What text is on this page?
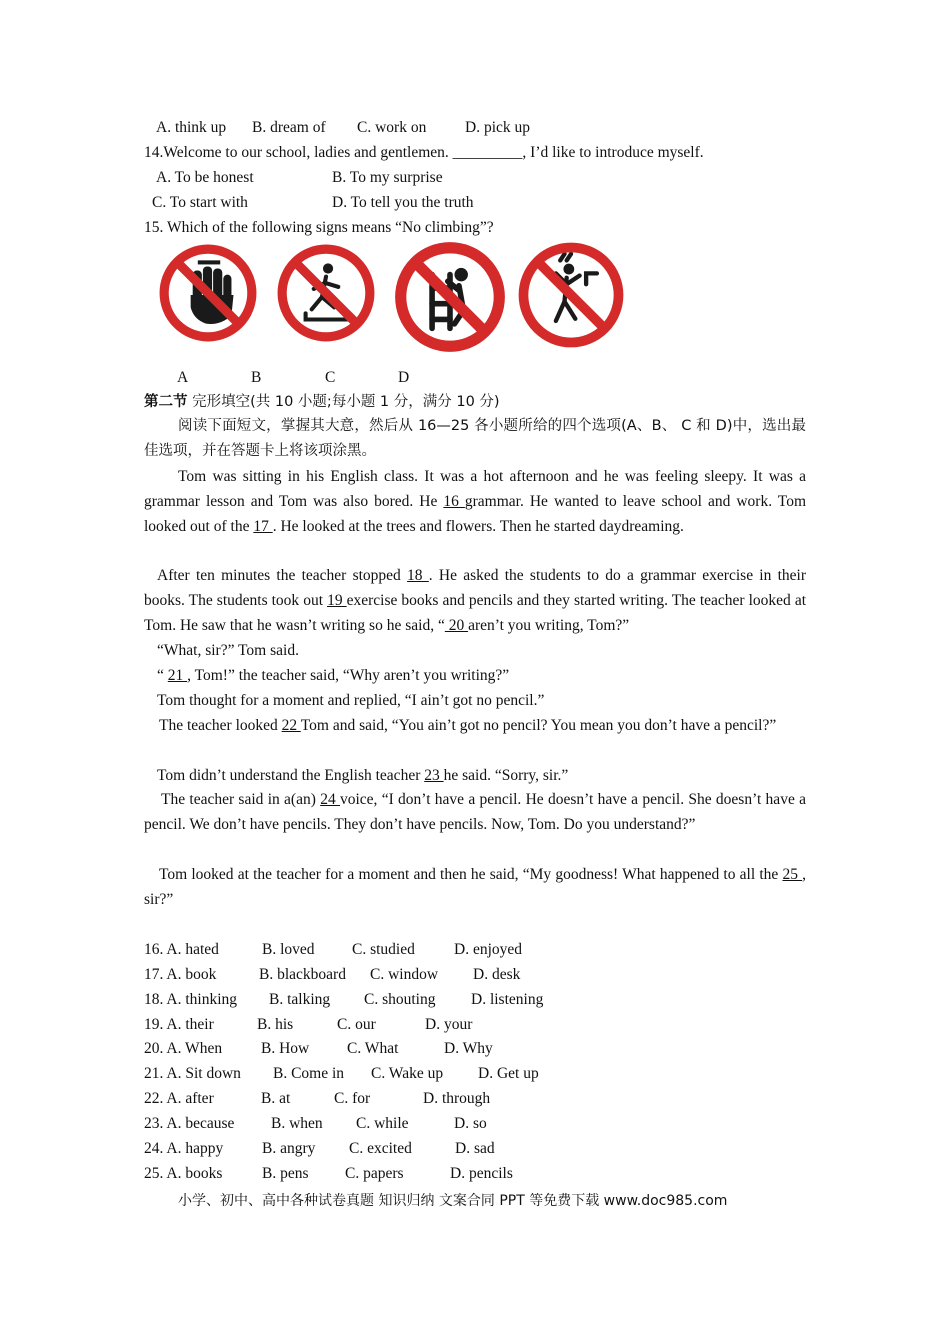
A. think up B. dream of C. work on D. pick up
14.Welcome to our school, ladies and gentlemen. _________, I’d like to introduce myself.
A. To be honest	B. To my surprise
C. To start with	D. To tell you the truth
15. Which of the following signs means “No climbing”?
A	B	C	D
第二节 完形填空(共 10 小题;每小题 1 分，满分 10 分)
阅读下面短文，掌握其大意，然后从 16—25 各小题所给的四个选项(A、B、 C 和 D)中，选出最佳选项，并在答题卡上将该项涂黑。
Tom was sitting in his English class. It was a hot afternoon and he was feeling sleepy. It was a grammar lesson and Tom was also bored. He 16 grammar. He wanted to leave school and work. Tom looked out of the 17 . He looked at the trees and flowers. Then he started daydreaming.
After ten minutes the teacher stopped 18 . He asked the students to do a grammar exercise in their books. The students took out 19 exercise books and pencils and they started writing. The teacher looked at Tom. He saw that he wasn’t writing so he said, “ 20 aren’t you writing, Tom?”
“What, sir?” Tom said.
“ 21 , Tom!” the teacher said, “Why aren’t you writing?”
Tom thought for a moment and replied, “I ain’t got no pencil.”
The teacher looked 22 Tom and said, “You ain’t got no pencil? You mean you don’t have a pencil?”
Tom didn’t understand the English teacher 23 he said. “Sorry, sir.”
The teacher said in a(an) 24 voice, “I don’t have a pencil. He doesn’t have a pencil. She doesn’t have a pencil. We don’t have pencils. They don’t have pencils. Now, Tom. Do you understand?”
Tom looked at the teacher for a moment and then he said, “My goodness! What happened to all the 25 , sir?”
16. A. hated	B. loved C. studied	D. enjoyed
17. A. book	B. blackboard C. window D. desk
18. A. thinking B. talking C. shouting D. listening
19. A. their	B. his	C. our	D. your
20. A. When	B. How C. What	D. Why
21. A. Sit down B. Come in C. Wake up D. Get up
22. A. after	B. at	C. for	D. through
23. A. because B. when C. while	D. so
24. A. happy	B. angry C. excited	D. sad
25. A. books	B. pens C. papers	D. pencils
小学、初中、高中各种试卷真题 知识归纳 文案合同 PPT 等免费下载 www.doc985.com
